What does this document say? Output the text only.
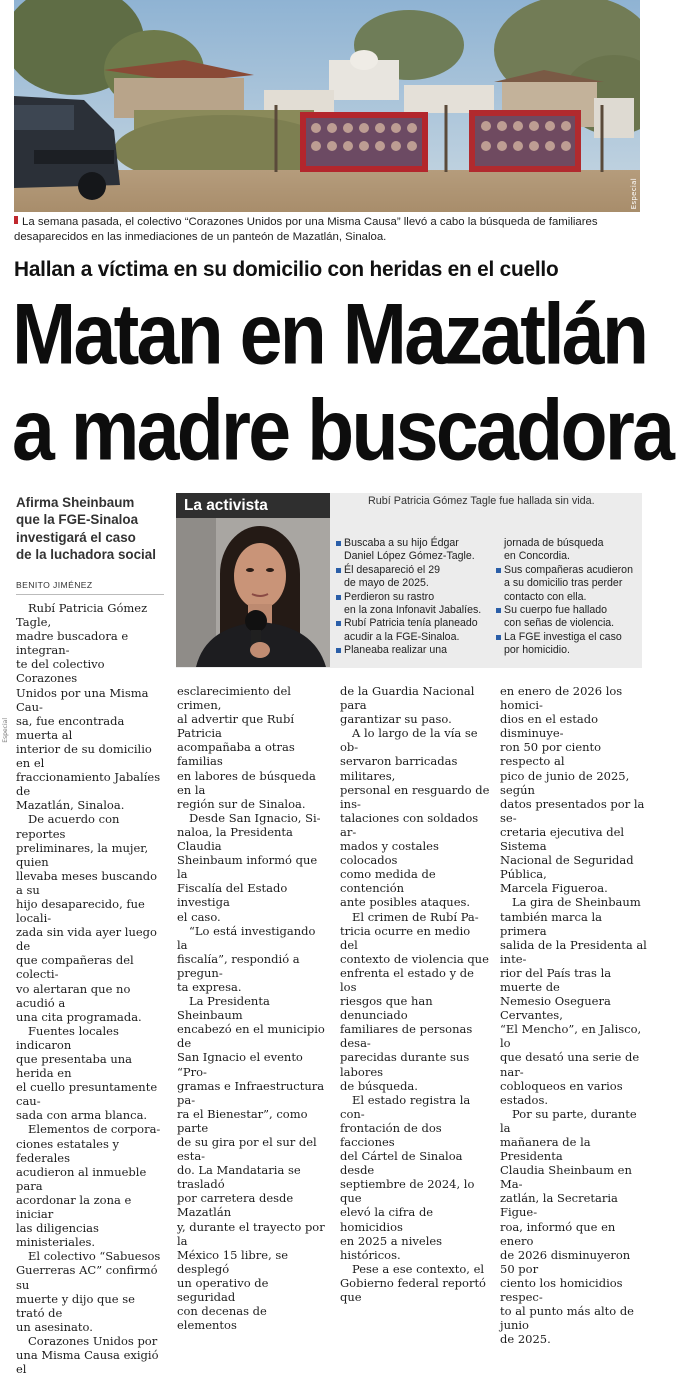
Especial
La semana pasada, el colectivo “Corazones Unidos por una Misma Causa” llevó a cabo la búsqueda de familiares desaparecidos en las inmediaciones de un panteón de Mazatlán, Sinaloa.
Hallan a víctima en su domicilio con heridas en el cuello
Matan en Mazatlán
a madre buscadora
Afirma Sheinbaum
que la FGE-Sinaloa
investigará el caso
de la luchadora social
BENITO JIMÉNEZ
Especial
La activista	Rubí Patricia Gómez Tagle fue hallada sin vida.
Buscaba a su hijo Édgar
Daniel López Gómez-Tagle.
Él desapareció el 29
de mayo de 2025.
Perdieron su rastro
en la zona Infonavit Jabalíes.
Rubí Patricia tenía planeado
acudir a la FGE-Sinaloa.
Planeaba realizar una
jornada de búsqueda
en Concordia.
Sus compañeras acudieron
a su domicilio tras perder
contacto con ella.
Su cuerpo fue hallado
con señas de violencia.
La FGE investiga el caso
por homicidio.

Rubí Patricia Gómez Tagle,
madre buscadora e integran-
te del colectivo Corazones
Unidos por una Misma Cau-
sa, fue encontrada muerta al
interior de su domicilio en el
fraccionamiento Jabalíes de
Mazatlán, Sinaloa.

De acuerdo con reportes
preliminares, la mujer, quien
llevaba meses buscando a su
hijo desaparecido, fue locali-
zada sin vida ayer luego de
que compañeras del colecti-
vo alertaran que no acudió a
una cita programada.

Fuentes locales indicaron
que presentaba una herida en
el cuello presuntamente cau-
sada con arma blanca.

Elementos de corpora-
ciones estatales y federales
acudieron al inmueble para
acordonar la zona e iniciar
las diligencias ministeriales.

El colectivo “Sabuesos
Guerreras AC” confirmó su
muerte y dijo que se trató de
un asesinato.

Corazones Unidos por
una Misma Causa exigió el

esclarecimiento del crimen,
al advertir que Rubí Patricia
acompañaba a otras familias
en labores de búsqueda en la
región sur de Sinaloa.

Desde San Ignacio, Si-
naloa, la Presidenta Claudia
Sheinbaum informó que la
Fiscalía del Estado investiga
el caso.

“Lo está investigando la
fiscalía”, respondió a pregun-
ta expresa.

La Presidenta Sheinbaum
encabezó en el municipio de
San Ignacio el evento “Pro-
gramas e Infraestructura pa-
ra el Bienestar”, como parte
de su gira por el sur del esta-
do. La Mandataria se trasladó
por carretera desde Mazatlán
y, durante el trayecto por la
México 15 libre, se desplegó
un operativo de seguridad
con decenas de elementos

de la Guardia Nacional para
garantizar su paso.

A lo largo de la vía se ob-
servaron barricadas militares,
personal en resguardo de ins-
talaciones con soldados ar-
mados y costales colocados
como medida de contención
ante posibles ataques.

El crimen de Rubí Pa-
tricia ocurre en medio del
contexto de violencia que
enfrenta el estado y de los
riesgos que han denunciado
familiares de personas desa-
parecidas durante sus labores
de búsqueda.

El estado registra la con-
frontación de dos facciones
del Cártel de Sinaloa desde
septiembre de 2024, lo que
elevó la cifra de homicidios
en 2025 a niveles históricos.

Pese a ese contexto, el
Gobierno federal reportó que

en enero de 2026 los homici-
dios en el estado disminuye-
ron 50 por ciento respecto al
pico de junio de 2025, según
datos presentados por la se-
cretaria ejecutiva del Sistema
Nacional de Seguridad Pública,
Marcela Figueroa.

La gira de Sheinbaum
también marca la primera
salida de la Presidenta al inte-
rior del País tras la muerte de
Nemesio Oseguera Cervantes,
“El Mencho”, en Jalisco, lo
que desató una serie de nar-
cobloqueos en varios estados.

Por su parte, durante la
mañanera de la Presidenta
Claudia Sheinbaum en Ma-
zatlán, la Secretaria Figue-
roa, informó que en enero
de 2026 disminuyeron 50 por
ciento los homicidios respec-
to al punto más alto de junio
de 2025.
